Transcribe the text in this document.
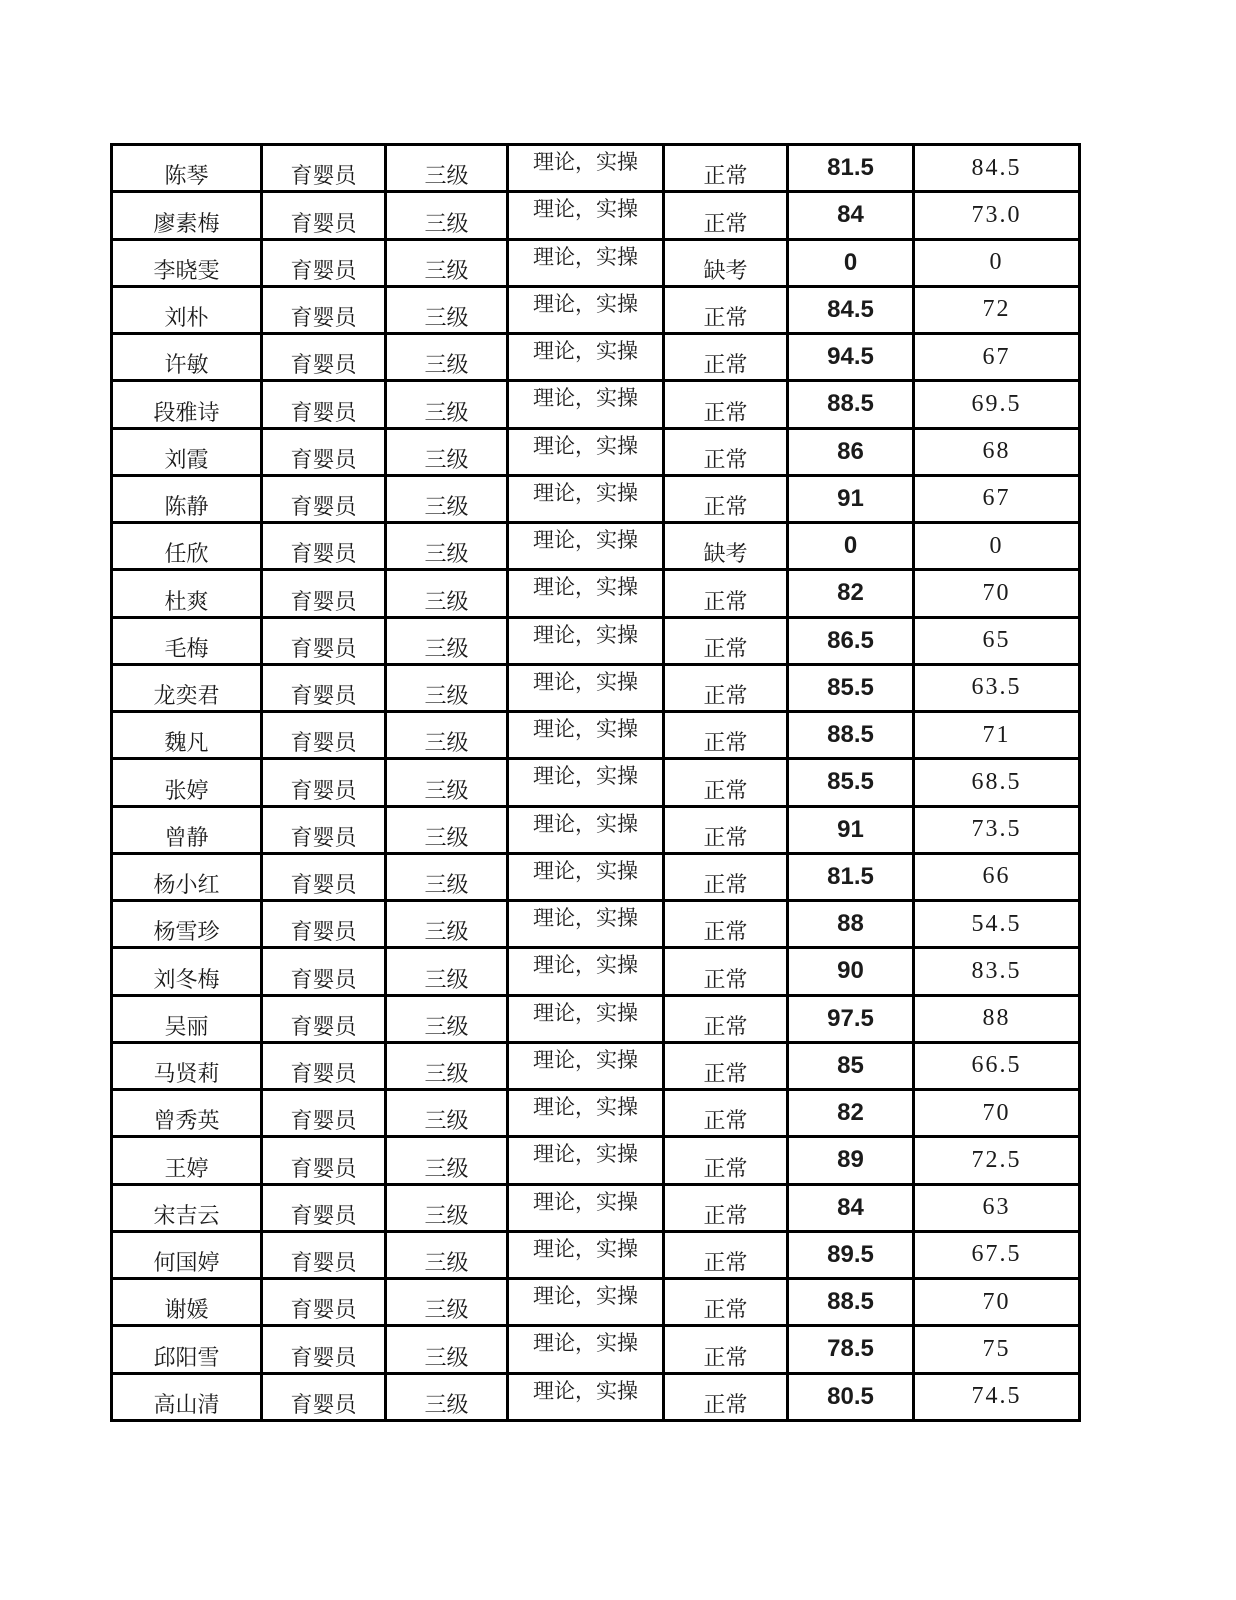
陈琴	育婴员	三级	理论，实操	正常	81.5	84.5
廖素梅	育婴员	三级	理论，实操	正常	84	73.0
李晓雯	育婴员	三级	理论，实操	缺考	0	0
刘朴	育婴员	三级	理论，实操	正常	84.5	72
许敏	育婴员	三级	理论，实操	正常	94.5	67
段雅诗	育婴员	三级	理论，实操	正常	88.5	69.5
刘霞	育婴员	三级	理论，实操	正常	86	68
陈静	育婴员	三级	理论，实操	正常	91	67
任欣	育婴员	三级	理论，实操	缺考	0	0
杜爽	育婴员	三级	理论，实操	正常	82	70
毛梅	育婴员	三级	理论，实操	正常	86.5	65
龙奕君	育婴员	三级	理论，实操	正常	85.5	63.5
魏凡	育婴员	三级	理论，实操	正常	88.5	71
张婷	育婴员	三级	理论，实操	正常	85.5	68.5
曾静	育婴员	三级	理论，实操	正常	91	73.5
杨小红	育婴员	三级	理论，实操	正常	81.5	66
杨雪珍	育婴员	三级	理论，实操	正常	88	54.5
刘冬梅	育婴员	三级	理论，实操	正常	90	83.5
吴丽	育婴员	三级	理论，实操	正常	97.5	88
马贤莉	育婴员	三级	理论，实操	正常	85	66.5
曾秀英	育婴员	三级	理论，实操	正常	82	70
王婷	育婴员	三级	理论，实操	正常	89	72.5
宋吉云	育婴员	三级	理论，实操	正常	84	63
何国婷	育婴员	三级	理论，实操	正常	89.5	67.5
谢媛	育婴员	三级	理论，实操	正常	88.5	70
邱阳雪	育婴员	三级	理论，实操	正常	78.5	75
高山清	育婴员	三级	理论，实操	正常	80.5	74.5
